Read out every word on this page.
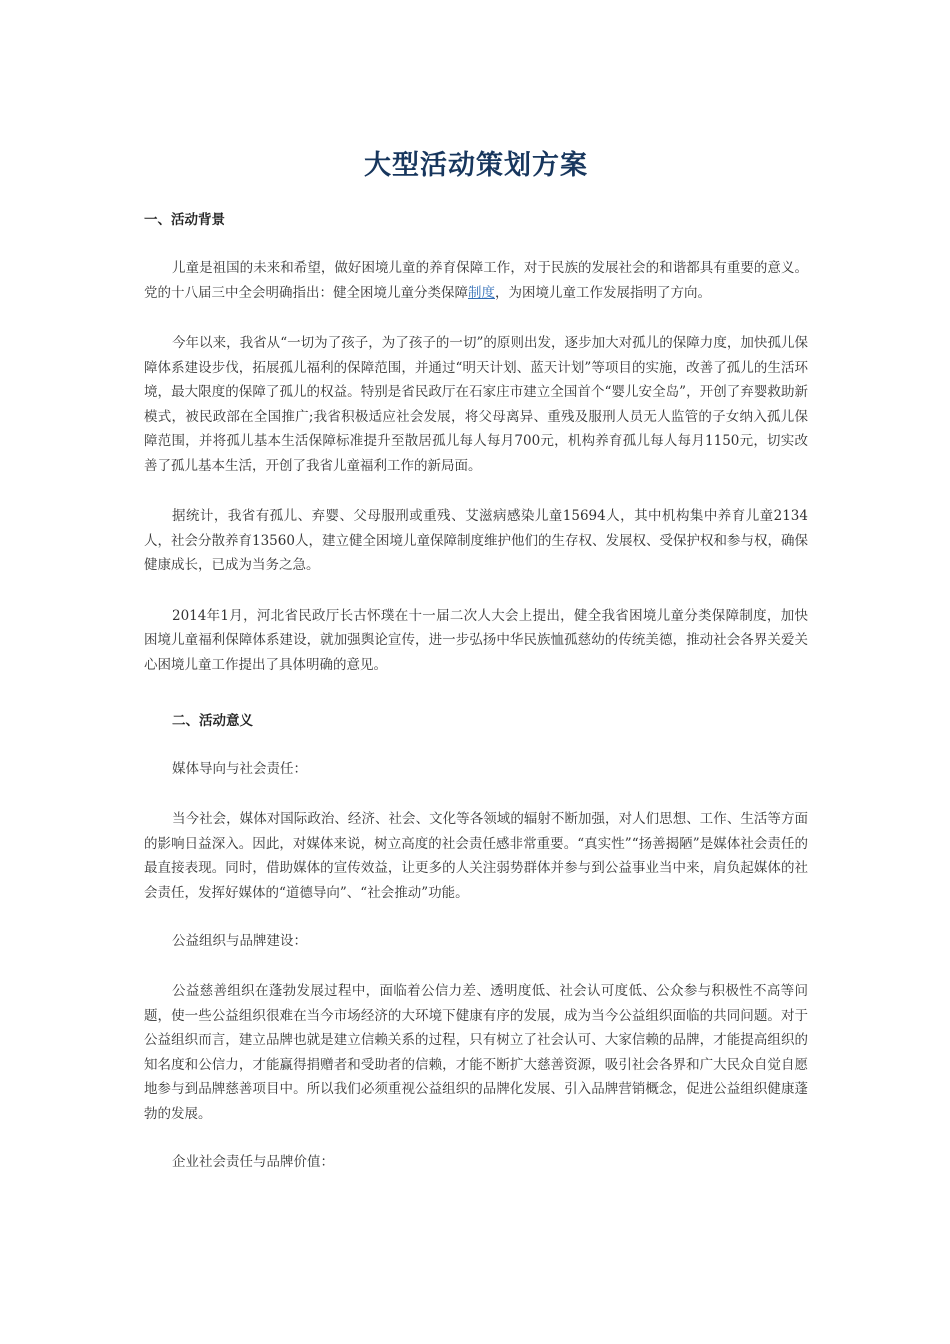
大型活动策划方案
一、活动背景

儿童是祖国的未来和希望，做好困境儿童的养育保障工作，对于民族的发展社会的和谐都具有重要的意义。党的十八届三中全会明确指出：健全困境儿童分类保障制度，为困境儿童工作发展指明了方向。

今年以来，我省从“一切为了孩子，为了孩子的一切”的原则出发，逐步加大对孤儿的保障力度，加快孤儿保障体系建设步伐，拓展孤儿福利的保障范围，并通过“明天计划、蓝天计划”等项目的实施，改善了孤儿的生活环境，最大限度的保障了孤儿的权益。特别是省民政厅在石家庄市建立全国首个“婴儿安全岛”，开创了弃婴救助新模式，被民政部在全国推广;我省积极适应社会发展，将父母离异、重残及服刑人员无人监管的子女纳入孤儿保障范围，并将孤儿基本生活保障标准提升至散居孤儿每人每月700元，机构养育孤儿每人每月1150元，切实改善了孤儿基本生活，开创了我省儿童福利工作的新局面。

据统计，我省有孤儿、弃婴、父母服刑或重残、艾滋病感染儿童15694人，其中机构集中养育儿童2134人，社会分散养育13560人，建立健全困境儿童保障制度维护他们的生存权、发展权、受保护权和参与权，确保健康成长，已成为当务之急。

2014年1月，河北省民政厅长古怀璞在十一届二次人大会上提出，健全我省困境儿童分类保障制度，加快困境儿童福利保障体系建设，就加强舆论宣传，进一步弘扬中华民族恤孤慈幼的传统美德，推动社会各界关爱关心困境儿童工作提出了具体明确的意见。

二、活动意义

媒体导向与社会责任：

当今社会，媒体对国际政治、经济、社会、文化等各领域的辐射不断加强，对人们思想、工作、生活等方面的影响日益深入。因此，对媒体来说，树立高度的社会责任感非常重要。“真实性”“扬善揭陋”是媒体社会责任的最直接表现。同时，借助媒体的宣传效益，让更多的人关注弱势群体并参与到公益事业当中来，肩负起媒体的社会责任，发挥好媒体的“道德导向”、“社会推动”功能。

公益组织与品牌建设：

公益慈善组织在蓬勃发展过程中，面临着公信力差、透明度低、社会认可度低、公众参与积极性不高等问题，使一些公益组织很难在当今市场经济的大环境下健康有序的发展，成为当今公益组织面临的共同问题。对于公益组织而言，建立品牌也就是建立信赖关系的过程，只有树立了社会认可、大家信赖的品牌，才能提高组织的知名度和公信力，才能赢得捐赠者和受助者的信赖，才能不断扩大慈善资源，吸引社会各界和广大民众自觉自愿地参与到品牌慈善项目中。所以我们必须重视公益组织的品牌化发展、引入品牌营销概念，促进公益组织健康蓬勃的发展。

企业社会责任与品牌价值：
